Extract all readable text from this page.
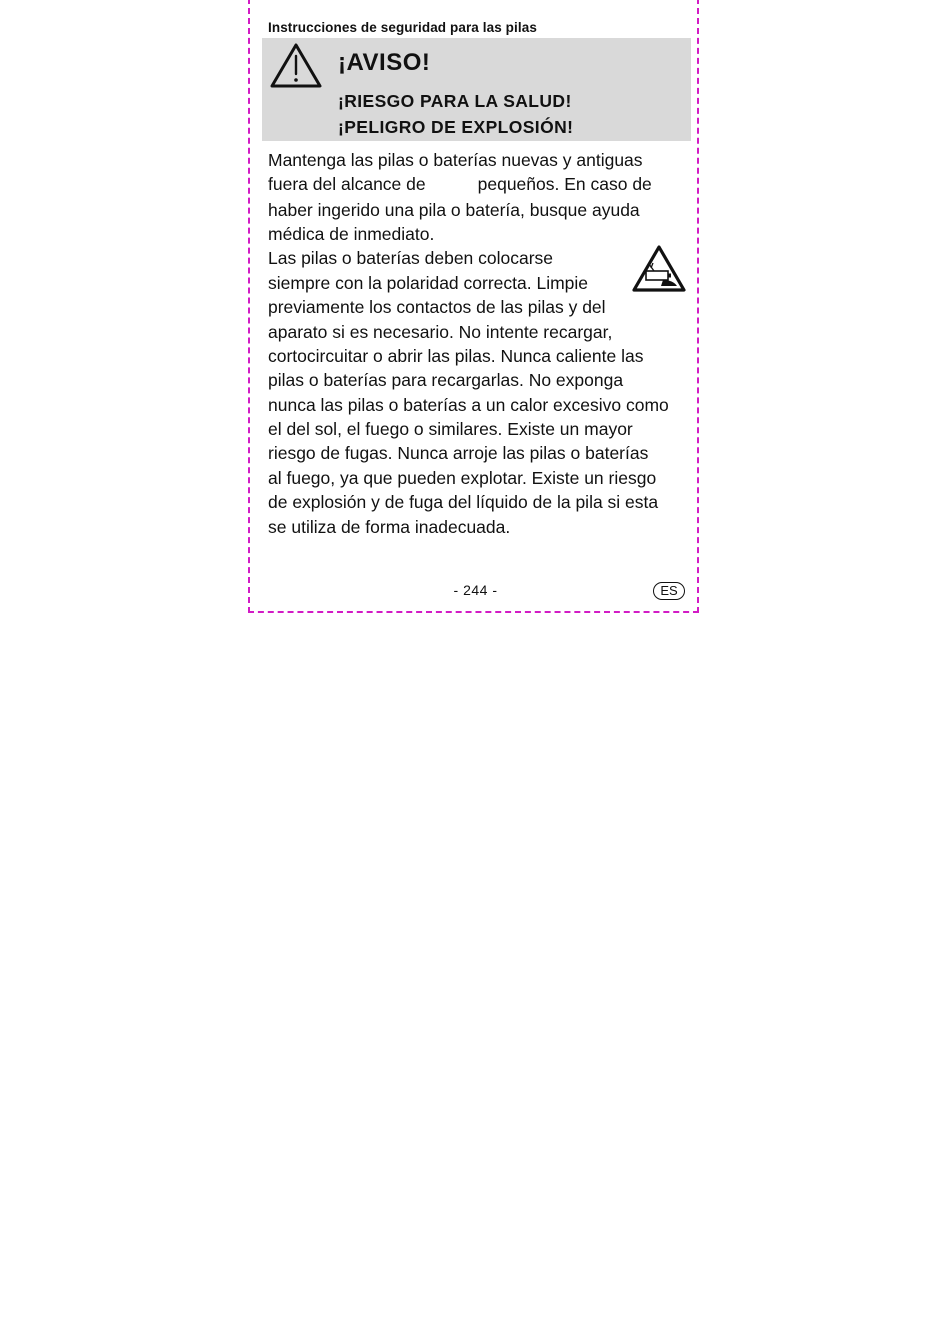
Instrucciones de seguridad para las pilas
¡AVISO!
¡RIESGO PARA LA SALUD!
¡PELIGRO DE EXPLOSIÓN!
Mantenga las pilas o baterías nuevas y antiguas
fuera del alcance de	pequeños. En caso de
haber ingerido una pila o batería, busque ayuda
médica de inmediato.
Las pilas o baterías deben colocarse
siempre con la polaridad correcta. Limpie
previamente los contactos de las pilas y del
aparato si es necesario. No intente recargar,
cortocircuitar o abrir las pilas. Nunca caliente las
pilas o baterías para recargarlas. No exponga
nunca las pilas o baterías a un calor excesivo como
el del sol, el fuego o similares. Existe un mayor
riesgo de fugas. Nunca arroje las pilas o baterías
al fuego, ya que pueden explotar. Existe un riesgo
de explosión y de fuga del líquido de la pila si esta
se utiliza de forma inadecuada.
- 244 -	ES
